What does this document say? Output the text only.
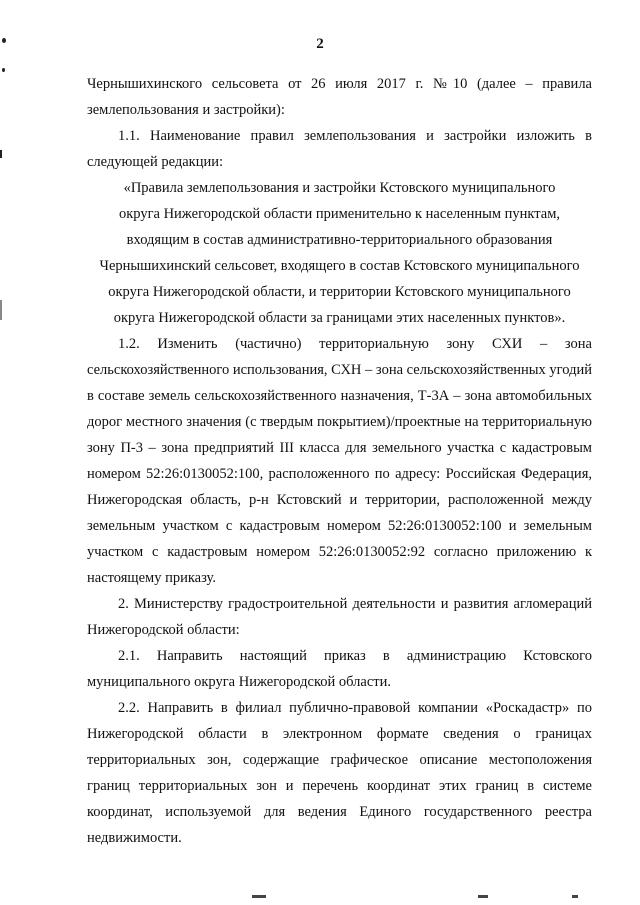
2

Чернышихинского сельсовета от 26 июля 2017 г. №10 (далее – правила землепользования и застройки):

1.1. Наименование правил землепользования и застройки изложить в следующей редакции:

«Правила землепользования и застройки Кстовского муниципального

округа Нижегородской области применительно к населенным пунктам,

входящим в состав административно-территориального образования

Чернышихинский сельсовет, входящего в состав Кстовского муниципального

округа Нижегородской области, и территории Кстовского муниципального

округа Нижегородской области за границами этих населенных пунктов».

1.2. Изменить (частично) территориальную зону СХИ – зона сельскохозяйственного использования, СХН – зона сельскохозяйственных угодий в составе земель сельскохозяйственного назначения, Т-3А – зона автомобильных дорог местного значения (с твердым покрытием)/проектные на территориальную зону П-3 – зона предприятий III класса для земельного участка с кадастровым номером 52:26:0130052:100, расположенного по адресу: Российская Федерация, Нижегородская область, р-н Кстовский и территории, расположенной между земельным участком с кадастровым номером 52:26:0130052:100 и земельным участком с кадастровым номером 52:26:0130052:92 согласно приложению к настоящему приказу.

2. Министерству градостроительной деятельности и развития агломераций Нижегородской области:

2.1. Направить настоящий приказ в администрацию Кстовского муниципального округа Нижегородской области.

2.2. Направить в филиал публично-правовой компании «Роскадастр» по Нижегородской области в электронном формате сведения о границах территориальных зон, содержащие графическое описание местоположения границ территориальных зон и перечень координат этих границ в системе координат, используемой для ведения Единого государственного реестра недвижимости.
